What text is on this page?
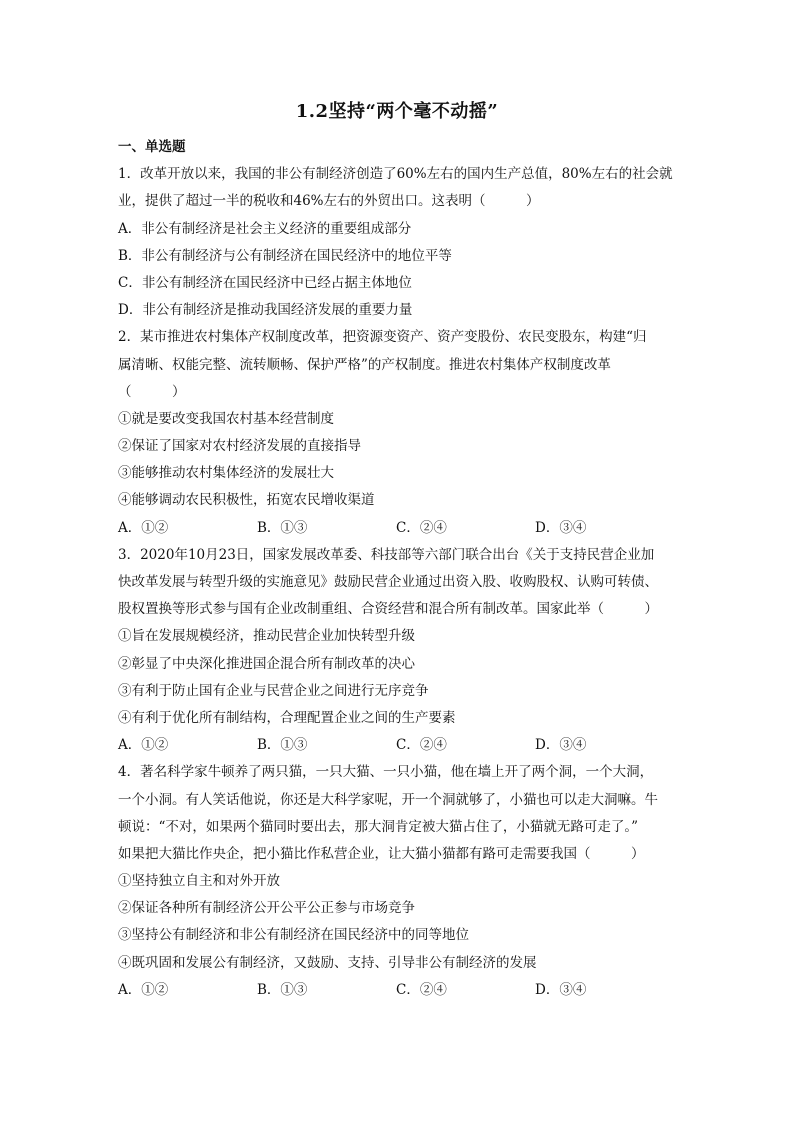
1.2坚持“两个毫不动摇”
一、单选题
1．改革开放以来，我国的非公有制经济创造了60%左右的国内生产总值，80%左右的社会就
业，提供了超过一半的税收和46%左右的外贸出口。这表明（　　　）
A．非公有制经济是社会主义经济的重要组成部分
B．非公有制经济与公有制经济在国民经济中的地位平等
C．非公有制经济在国民经济中已经占据主体地位
D．非公有制经济是推动我国经济发展的重要力量
2．某市推进农村集体产权制度改革，把资源变资产、资产变股份、农民变股东，构建“归
属清晰、权能完整、流转顺畅、保护严格”的产权制度。推进农村集体产权制度改革
（　　　）
①就是要改变我国农村基本经营制度
②保证了国家对农村经济发展的直接指导
③能够推动农村集体经济的发展壮大
④能够调动农民积极性，拓宽农民增收渠道
A．①②	B．①③	C．②④	D．③④
3．2020年10月23日，国家发展改革委、科技部等六部门联合出台《关于支持民营企业加
快改革发展与转型升级的实施意见》鼓励民营企业通过出资入股、收购股权、认购可转债、
股权置换等形式参与国有企业改制重组、合资经营和混合所有制改革。国家此举（　　　）
①旨在发展规模经济，推动民营企业加快转型升级
②彰显了中央深化推进国企混合所有制改革的决心
③有利于防止国有企业与民营企业之间进行无序竞争
④有利于优化所有制结构，合理配置企业之间的生产要素
A．①②	B．①③	C．②④	D．③④
4．著名科学家牛顿养了两只猫，一只大猫、一只小猫，他在墙上开了两个洞，一个大洞，
一个小洞。有人笑话他说，你还是大科学家呢，开一个洞就够了，小猫也可以走大洞嘛。牛
顿说：“不对，如果两个猫同时要出去，那大洞肯定被大猫占住了，小猫就无路可走了。”
如果把大猫比作央企，把小猫比作私营企业，让大猫小猫都有路可走需要我国（　　　）
①坚持独立自主和对外开放
②保证各种所有制经济公开公平公正参与市场竞争
③坚持公有制经济和非公有制经济在国民经济中的同等地位
④既巩固和发展公有制经济，又鼓励、支持、引导非公有制经济的发展
A．①②	B．①③	C．②④	D．③④
